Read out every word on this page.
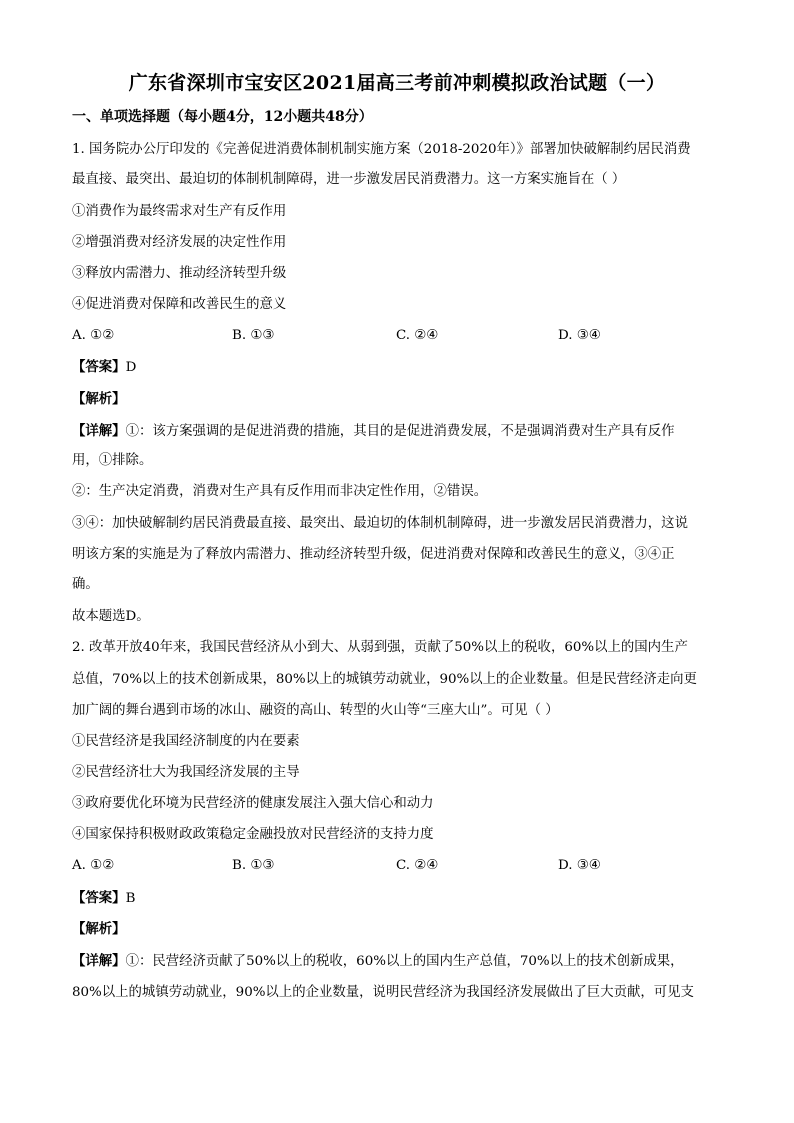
广东省深圳市宝安区2021届高三考前冲刺模拟政治试题（一）
一、单项选择题（每小题4分，12小题共48分）
1. 国务院办公厅印发的《完善促进消费体制机制实施方案（2018-2020年）》部署加快破解制约居民消费
最直接、最突出、最迫切的体制机制障碍，进一步激发居民消费潜力。这一方案实施旨在（ ）
①消费作为最终需求对生产有反作用
②增强消费对经济发展的决定性作用
③释放内需潜力、推动经济转型升级
④促进消费对保障和改善民生的意义
A. ①②	B. ①③	C. ②④	D. ③④
【答案】D
【解析】
【详解】①：该方案强调的是促进消费的措施，其目的是促进消费发展，不是强调消费对生产具有反作
用，①排除。
②：生产决定消费，消费对生产具有反作用而非决定性作用，②错误。
③④：加快破解制约居民消费最直接、最突出、最迫切的体制机制障碍，进一步激发居民消费潜力，这说
明该方案的实施是为了释放内需潜力、推动经济转型升级，促进消费对保障和改善民生的意义，③④正
确。
故本题选D。
2. 改革开放40年来，我国民营经济从小到大、从弱到强，贡献了50%以上的税收，60%以上的国内生产
总值，70%以上的技术创新成果，80%以上的城镇劳动就业，90%以上的企业数量。但是民营经济走向更
加广阔的舞台遇到市场的冰山、融资的高山、转型的火山等“三座大山”。可见（ ）
①民营经济是我国经济制度的内在要素
②民营经济壮大为我国经济发展的主导
③政府要优化环境为民营经济的健康发展注入强大信心和动力
④国家保持积极财政政策稳定金融投放对民营经济的支持力度
A. ①②	B. ①③	C. ②④	D. ③④
【答案】B
【解析】
【详解】①：民营经济贡献了50%以上的税收，60%以上的国内生产总值，70%以上的技术创新成果，
80%以上的城镇劳动就业，90%以上的企业数量，说明民营经济为我国经济发展做出了巨大贡献，可见支
